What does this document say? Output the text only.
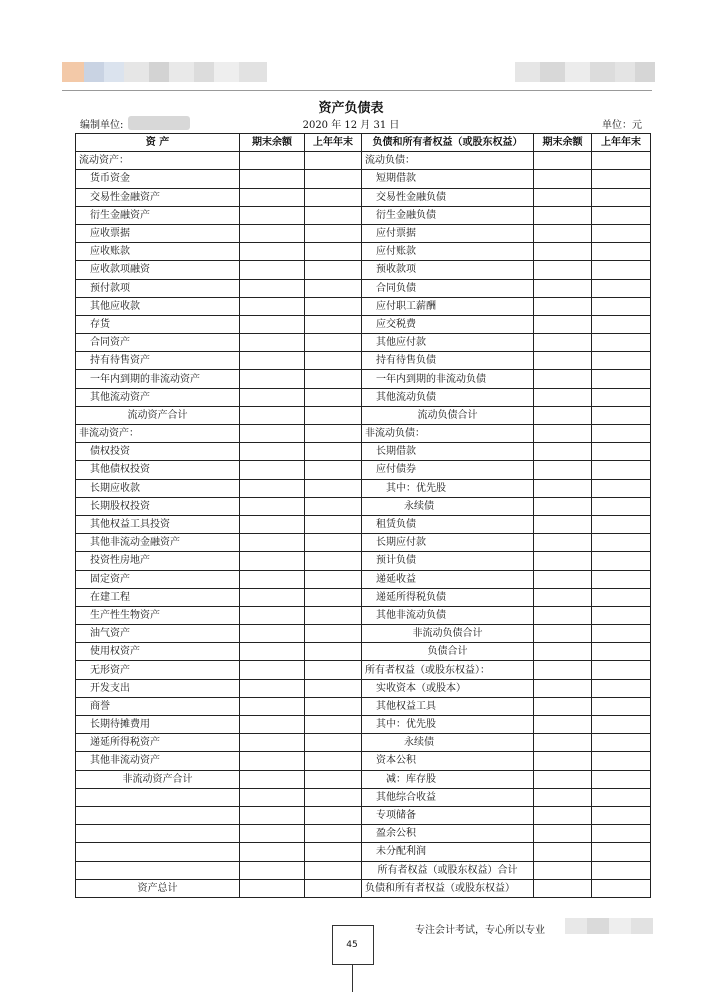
资产负债表
编制单位:	2020 年 12 月 31 日	单位：元
资 产	期末余额	上年年末	负债和所有者权益（或股东权益）	期末余额	上年年末
流动资产：			流动负债：		
货币资金			短期借款		
交易性金融资产			交易性金融负债		
衍生金融资产			衍生金融负债		
应收票据			应付票据		
应收账款			应付账款		
应收款项融资			预收款项		
预付款项			合同负债		
其他应收款			应付职工薪酬		
存货			应交税费		
合同资产			其他应付款		
持有待售资产			持有待售负债		
一年内到期的非流动资产			一年内到期的非流动负债		
其他流动资产			其他流动负债		
流动资产合计			流动负债合计		
非流动资产：			非流动负债：		
债权投资			长期借款		
其他债权投资			应付债券		
长期应收款			其中：优先股		
长期股权投资			永续债		
其他权益工具投资			租赁负债		
其他非流动金融资产			长期应付款		
投资性房地产			预计负债		
固定资产			递延收益		
在建工程			递延所得税负债		
生产性生物资产			其他非流动负债		
油气资产			非流动负债合计		
使用权资产			负债合计		
无形资产			所有者权益（或股东权益）：		
开发支出			实收资本（或股本）		
商誉			其他权益工具		
长期待摊费用			其中：优先股		
递延所得税资产			永续债		
其他非流动资产			资本公积		
非流动资产合计			减：库存股		
			其他综合收益		
			专项储备		
			盈余公积		
			未分配利润		
			所有者权益（或股东权益）合计		
资产总计			负债和所有者权益（或股东权益）		
专注会计考试，专心所以专业
45
